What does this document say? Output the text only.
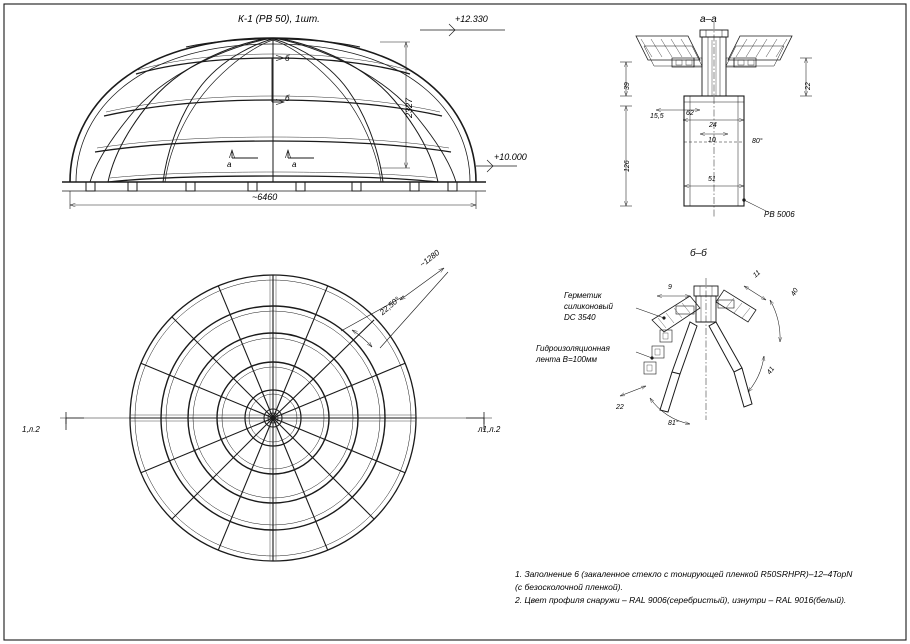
К-1 (РВ 50), 1шт.	+12.330
+10.000
2327
~6460
а	а
б
б
~1280
22,50°
1,л.2	л1,л.2
а–а
39
62
22
15,5
24
10	80°
126
51
РВ 5006
б–б
9
11
40
41
22
81°
Герметик
силиконовый
DC 3540
Гидроизоляционная
лента B=100мм
1. Заполнение 6 (закаленное стекло с тонирующей пленкой R50SRHPR)–12–4TopN
(с безосколочной пленкой).
2. Цвет профиля снаружи – RAL 9006(серебристый), изнутри – RAL 9016(белый).
